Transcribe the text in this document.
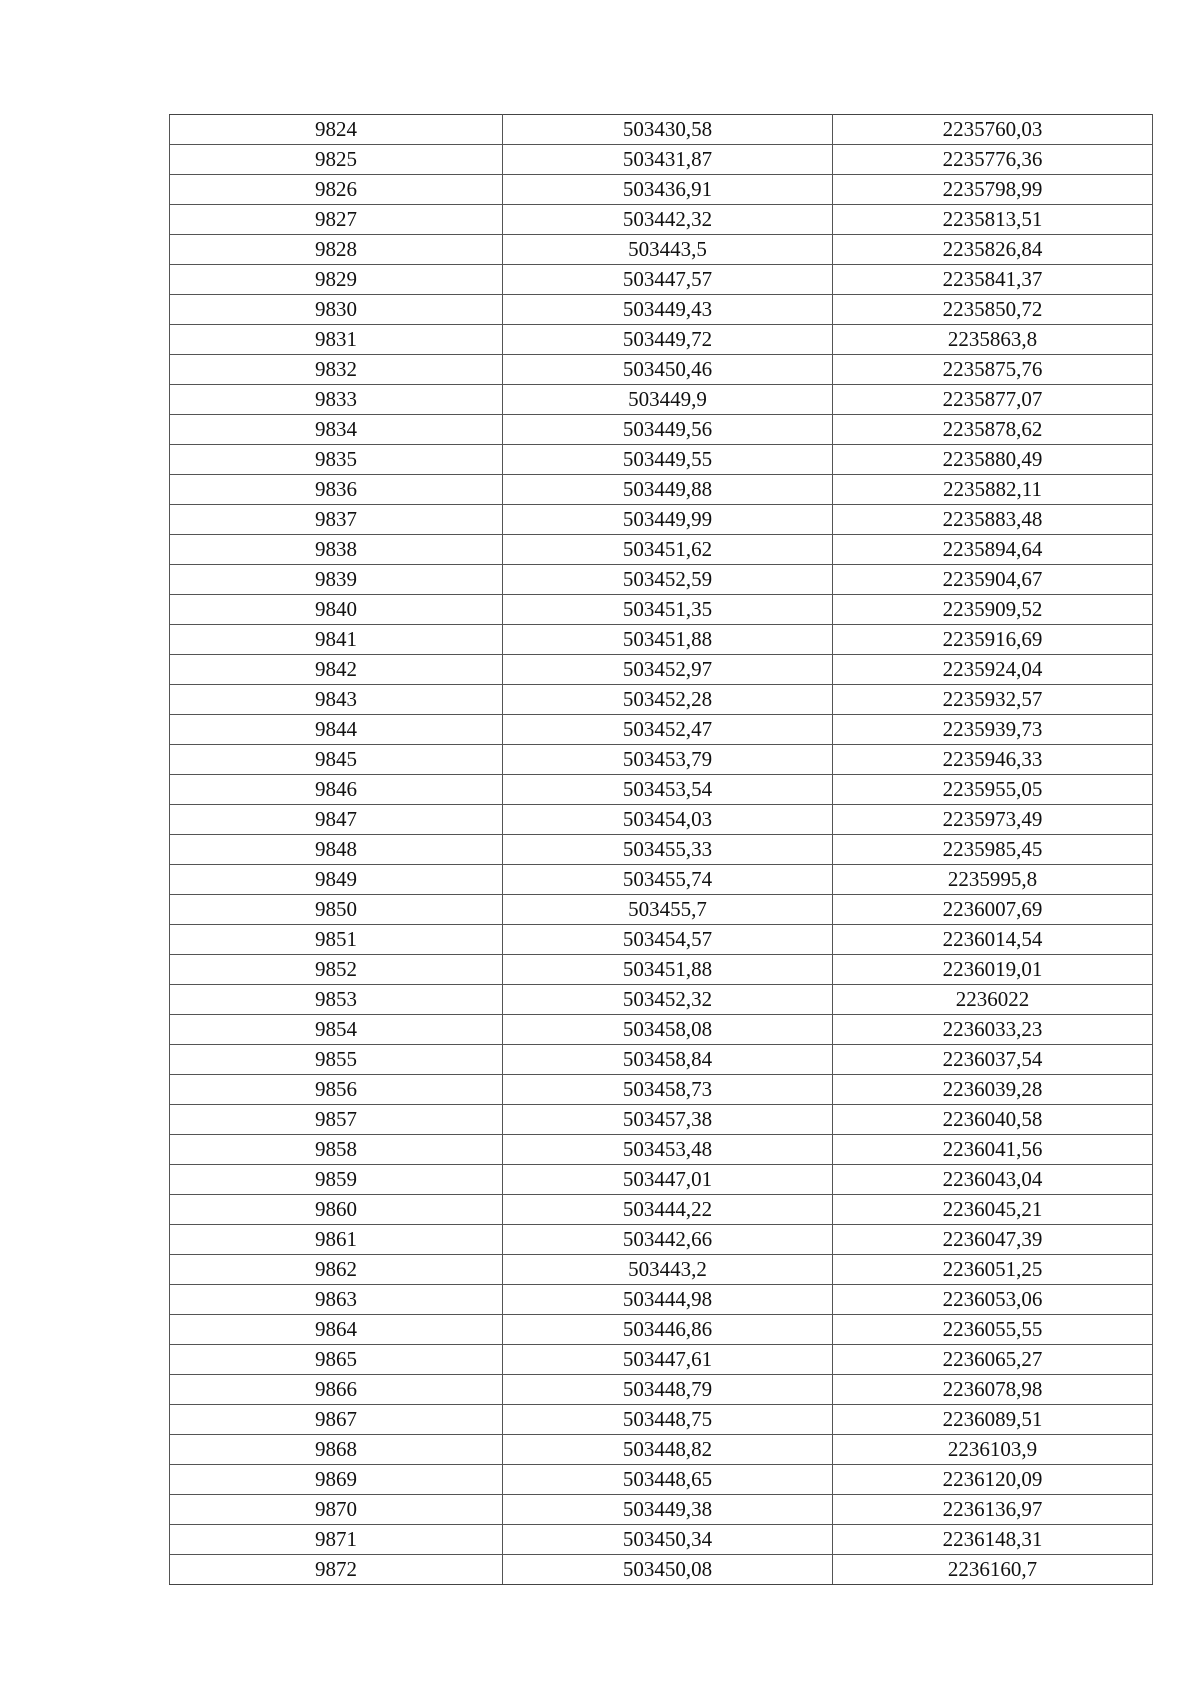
9824	503430,58	2235760,03
9825	503431,87	2235776,36
9826	503436,91	2235798,99
9827	503442,32	2235813,51
9828	503443,5	2235826,84
9829	503447,57	2235841,37
9830	503449,43	2235850,72
9831	503449,72	2235863,8
9832	503450,46	2235875,76
9833	503449,9	2235877,07
9834	503449,56	2235878,62
9835	503449,55	2235880,49
9836	503449,88	2235882,11
9837	503449,99	2235883,48
9838	503451,62	2235894,64
9839	503452,59	2235904,67
9840	503451,35	2235909,52
9841	503451,88	2235916,69
9842	503452,97	2235924,04
9843	503452,28	2235932,57
9844	503452,47	2235939,73
9845	503453,79	2235946,33
9846	503453,54	2235955,05
9847	503454,03	2235973,49
9848	503455,33	2235985,45
9849	503455,74	2235995,8
9850	503455,7	2236007,69
9851	503454,57	2236014,54
9852	503451,88	2236019,01
9853	503452,32	2236022
9854	503458,08	2236033,23
9855	503458,84	2236037,54
9856	503458,73	2236039,28
9857	503457,38	2236040,58
9858	503453,48	2236041,56
9859	503447,01	2236043,04
9860	503444,22	2236045,21
9861	503442,66	2236047,39
9862	503443,2	2236051,25
9863	503444,98	2236053,06
9864	503446,86	2236055,55
9865	503447,61	2236065,27
9866	503448,79	2236078,98
9867	503448,75	2236089,51
9868	503448,82	2236103,9
9869	503448,65	2236120,09
9870	503449,38	2236136,97
9871	503450,34	2236148,31
9872	503450,08	2236160,7
